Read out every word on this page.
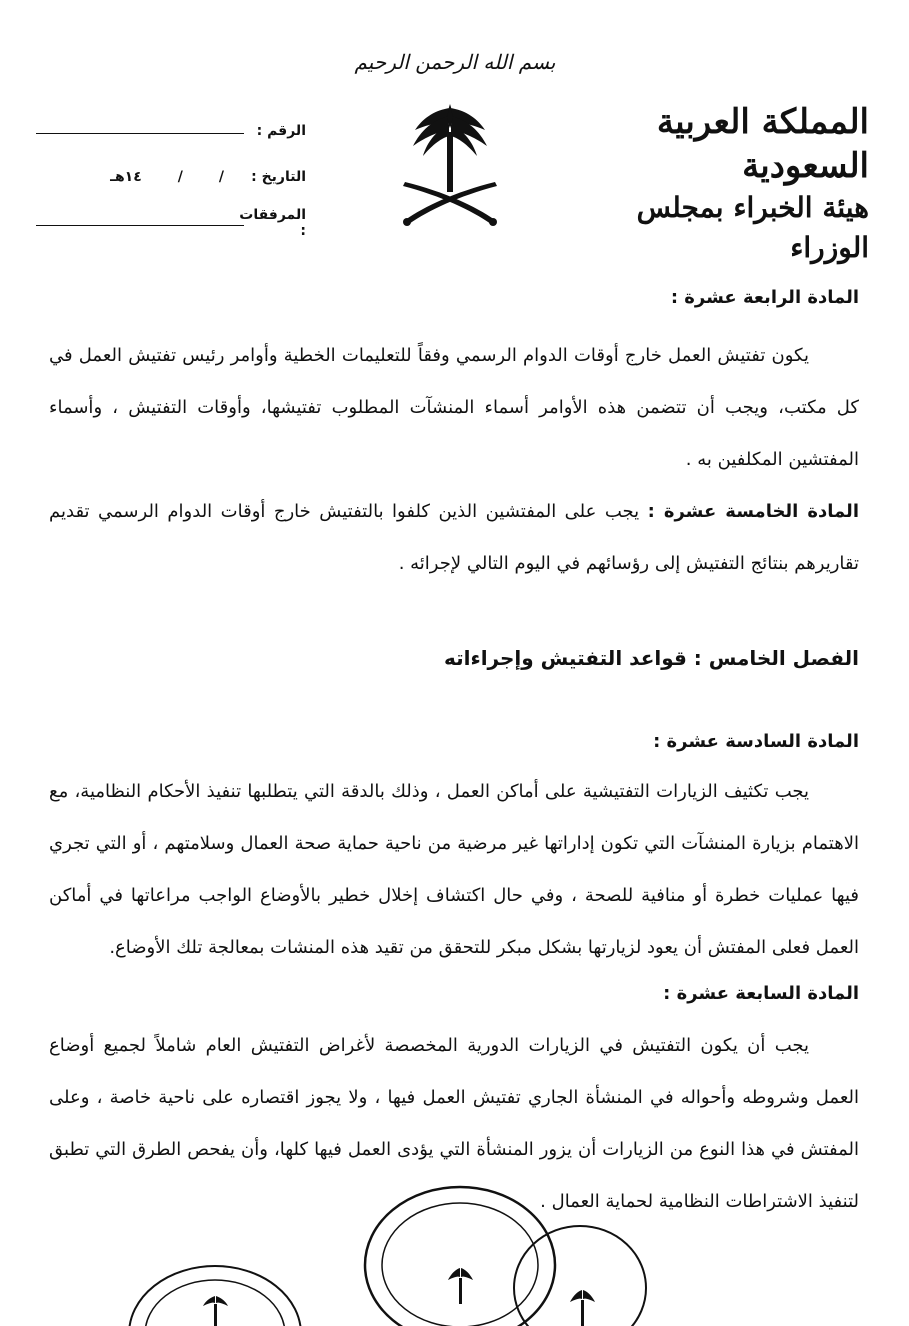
بسم الله الرحمن الرحيم
المملكة العربية السعودية
هيئة الخبراء بمجلس الوزراء
الرقم :
التاريخ :
/
/
١٤هـ
المرفقات :

المادة الرابعة عشرة :

يكون تفتيش العمل خارج أوقات الدوام الرسمي وفقاً للتعليمات الخطية وأوامر رئيس تفتيش العمل في كل مكتب، ويجب أن تتضمن هذه الأوامر أسماء المنشآت المطلوب تفتيشها، وأوقات التفتيش ، وأسماء المفتشين المكلفين به .

المادة الخامسة عشرة : يجب على المفتشين الذين كلفوا بالتفتيش خارج أوقات الدوام الرسمي تقديم تقاريرهم بنتائج التفتيش إلى رؤسائهم في اليوم التالي لإجرائه .

الفصل الخامس : قواعد التفتيش وإجراءاته

المادة السادسة عشرة :

يجب تكثيف الزيارات التفتيشية على أماكن العمل ، وذلك بالدقة التي يتطلبها تنفيذ الأحكام النظامية، مع الاهتمام بزيارة المنشآت التي تكون إداراتها غير مرضية من ناحية حماية صحة العمال وسلامتهم ، أو التي تجري فيها عمليات خطرة أو منافية للصحة ، وفي حال اكتشاف إخلال خطير بالأوضاع الواجب مراعاتها في أماكن العمل فعلى المفتش أن يعود لزيارتها بشكل مبكر للتحقق من تقيد هذه المنشات بمعالجة تلك الأوضاع.

المادة السابعة عشرة :

يجب أن يكون التفتيش في الزيارات الدورية المخصصة لأغراض التفتيش العام شاملاً لجميع أوضاع العمل وشروطه وأحواله في المنشأة الجاري تفتيش العمل فيها ، ولا يجوز اقتصاره على ناحية خاصة ، وعلى المفتش في هذا النوع من الزيارات أن يزور المنشأة التي يؤدى العمل فيها كلها، وأن يفحص الطرق التي تطبق لتنفيذ الاشتراطات النظامية لحماية العمال .
